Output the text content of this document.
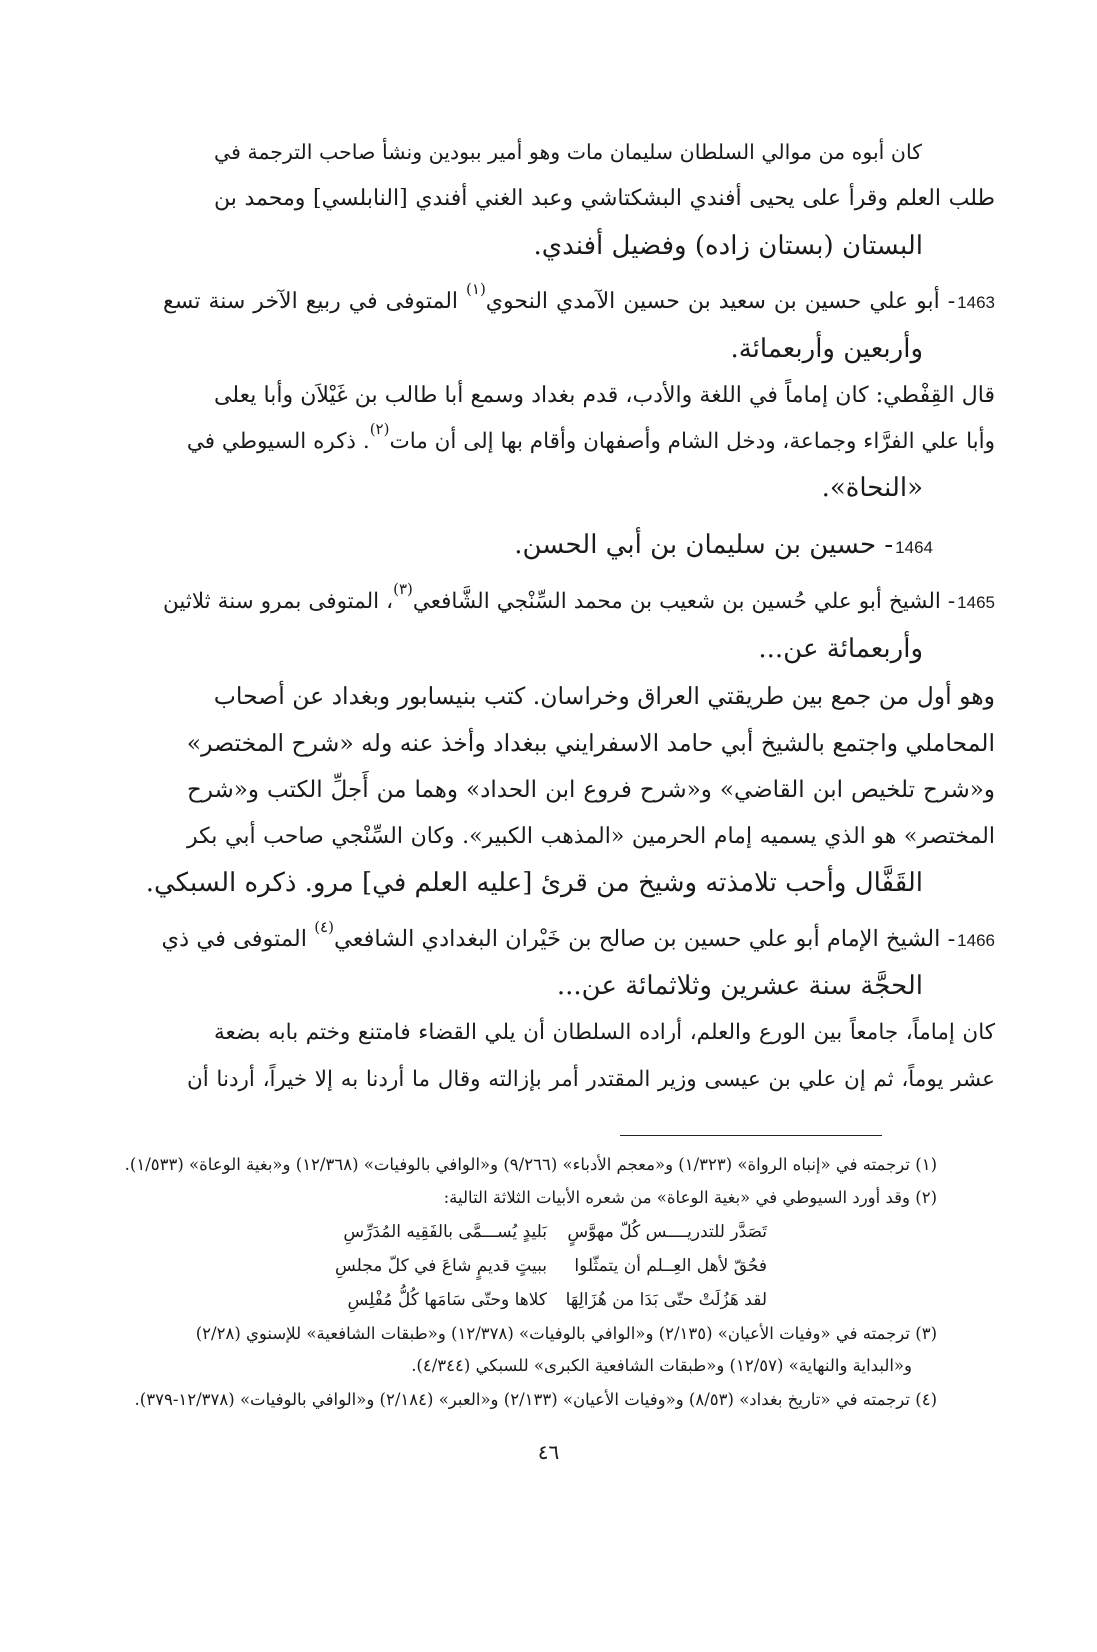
كان أبوه من موالي السلطان سليمان مات وهو أمير ببودين ونشأ صاحب الترجمة في
طلب العلم وقرأ على يحيى أفندي البشكتاشي وعبد الغني أفندي [النابلسي] ومحمد بن
البستان (بستان زاده) وفضيل أفندي.
1463- أبو علي حسين بن سعيد بن حسين الآمدي النحوي$^{(١)}$ المتوفى في ربيع الآخر سنة تسع
وأربعين وأربعمائة.
قال القِفْطي: كان إماماً في اللغة والأدب، قدم بغداد وسمع أبا طالب بن غَيْلاَن وأبا يعلى
وأبا علي الفرَّاء وجماعة، ودخل الشام وأصفهان وأقام بها إلى أن مات$^{(٢)}$. ذكره السيوطي في
«النحاة».
1464- حسين بن سليمان بن أبي الحسن.
1465- الشيخ أبو علي حُسين بن شعيب بن محمد السِّنْجي الشَّافعي$^{(٣)}$، المتوفى بمرو سنة ثلاثين
وأربعمائة عن...
وهو أول من جمع بين طريقتي العراق وخراسان. كتب بنيسابور وبغداد عن أصحاب
المحاملي واجتمع بالشيخ أبي حامد الاسفرايني ببغداد وأخذ عنه وله «شرح المختصر»
و«شرح تلخيص ابن القاضي» و«شرح فروع ابن الحداد» وهما من أَجلِّ الكتب و«شرح
المختصر» هو الذي يسميه إمام الحرمين «المذهب الكبير». وكان السِّنْجي صاحب أبي بكر
القَفَّال وأحب تلامذته وشيخ من قرئ [عليه العلم في] مرو. ذكره السبكي.
1466- الشيخ الإمام أبو علي حسين بن صالح بن خَيْران البغدادي الشافعي$^{(٤)}$ المتوفى في ذي
الحجَّة سنة عشرين وثلاثمائة عن...
كان إماماً، جامعاً بين الورع والعلم، أراده السلطان أن يلي القضاء فامتنع وختم بابه بضعة
عشر يوماً، ثم إن علي بن عيسى وزير المقتدر أمر بإزالته وقال ما أردنا به إلا خيراً، أردنا أن
(١) ترجمته في «إنباه الرواة» (١/٣٢٣) و«معجم الأدباء» (٩/٢٦٦) و«الوافي بالوفيات» (١٢/٣٦٨) و«بغية الوعاة» (١/٥٣٣).
(٢) وقد أورد السيوطي في «بغية الوعاة» من شعره الأبيات الثلاثة التالية:
تَصَدَّر للتدريــــس كُلّ مهوَّسٍ
بَليدٍ يُســـمَّى بالفَقِيه المُدَرِّسِ
فحُقّ لأهل العِــلم أن يتمثّلوا
ببيتٍ قديمٍ شاعَ في كلّ مجلسِ
لقد هَزُلَتْ حتّى بَدَا من هُزَالِهَا
كلاها وحتّى سَامَها كُلُّ مُفْلِسِ
(٣) ترجمته في «وفيات الأعيان» (٢/١٣٥) و«الوافي بالوفيات» (١٢/٣٧٨) و«طبقات الشافعية» للإسنوي (٢/٢٨)
و«البداية والنهاية» (١٢/٥٧) و«طبقات الشافعية الكبرى» للسبكي (٤/٣٤٤).
(٤) ترجمته في «تاريخ بغداد» (٨/٥٣) و«وفيات الأعيان» (٢/١٣٣) و«العبر» (٢/١٨٤) و«الوافي بالوفيات» (١٢/٣٧٨-٣٧٩).
٤٦
